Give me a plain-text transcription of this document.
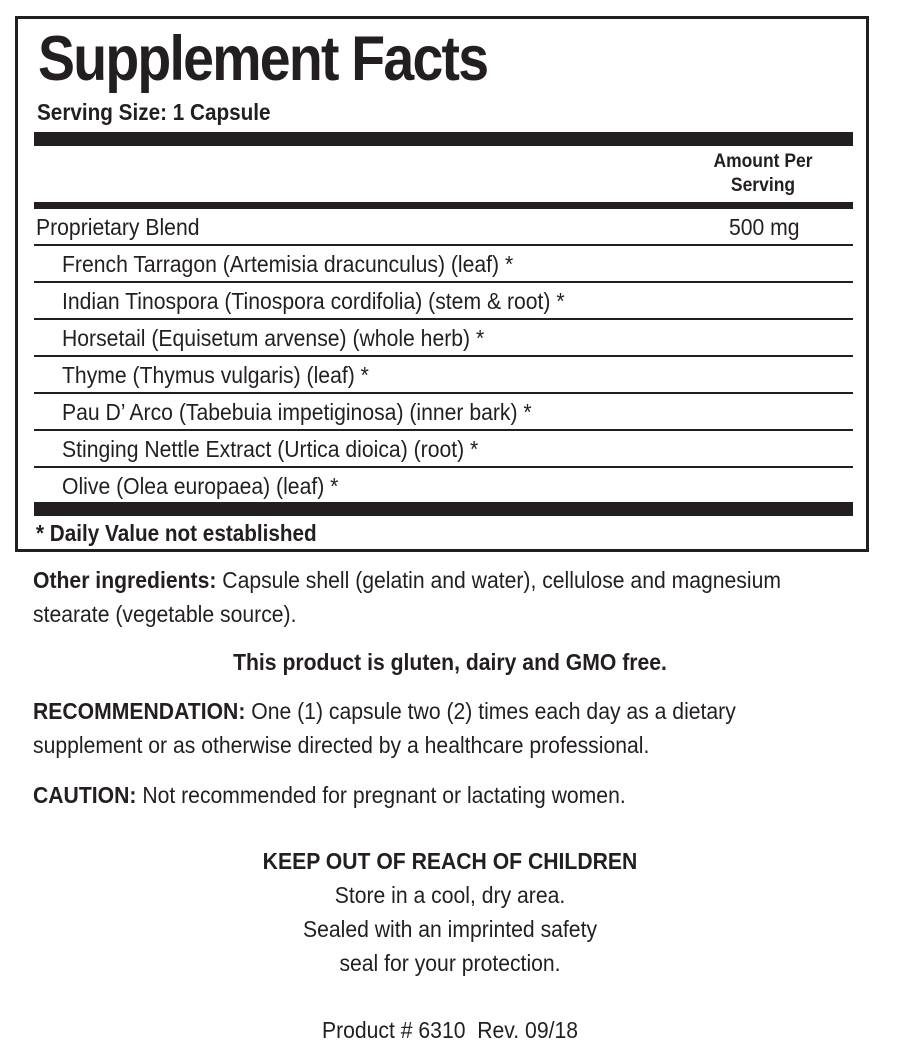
Supplement Facts
Serving Size: 1 Capsule
Amount Per
Serving
Proprietary Blend	500 mg
French Tarragon (Artemisia dracunculus) (leaf) *
Indian Tinospora (Tinospora cordifolia) (stem & root) *
Horsetail (Equisetum arvense) (whole herb) *
Thyme (Thymus vulgaris) (leaf) *
Pau D’ Arco (Tabebuia impetiginosa) (inner bark) *
Stinging Nettle Extract (Urtica dioica) (root) *
Olive (Olea europaea) (leaf) *
* Daily Value not established
Other ingredients: Capsule shell (gelatin and water), cellulose and magnesium
stearate (vegetable source).
This product is gluten, dairy and GMO free.
RECOMMENDATION: One (1) capsule two (2) times each day as a dietary
supplement or as otherwise directed by a healthcare professional.
CAUTION: Not recommended for pregnant or lactating women.
KEEP OUT OF REACH OF CHILDREN
Store in a cool, dry area.
Sealed with an imprinted safety
seal for your protection.
Product # 6310  Rev. 09/18
